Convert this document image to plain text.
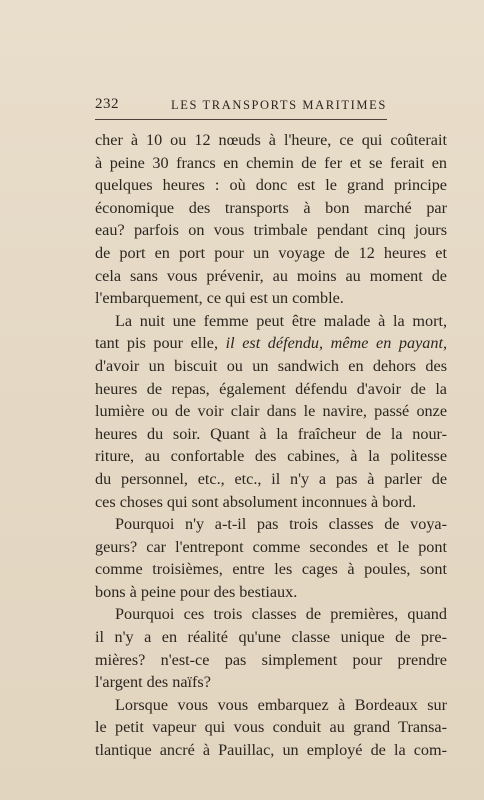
232	LES TRANSPORTS MARITIMES
cher à 10 ou 12 nœuds à l'heure, ce qui coûterait
à peine 30 francs en chemin de fer et se ferait en
quelques heures : où donc est le grand principe
économique des transports à bon marché par
eau? parfois on vous trimbale pendant cinq jours
de port en port pour un voyage de 12 heures et
cela sans vous prévenir, au moins au moment de
l'embarquement, ce qui est un comble.
La nuit une femme peut être malade à la mort,
tant pis pour elle, il est défendu, même en payant,
d'avoir un biscuit ou un sandwich en dehors des
heures de repas, également défendu d'avoir de la
lumière ou de voir clair dans le navire, passé onze
heures du soir. Quant à la fraîcheur de la nour-
riture, au confortable des cabines, à la politesse
du personnel, etc., etc., il n'y a pas à parler de
ces choses qui sont absolument inconnues à bord.
Pourquoi n'y a-t-il pas trois classes de voya-
geurs? car l'entrepont comme secondes et le pont
comme troisièmes, entre les cages à poules, sont
bons à peine pour des bestiaux.
Pourquoi ces trois classes de premières, quand
il n'y a en réalité qu'une classe unique de pre-
mières? n'est-ce pas simplement pour prendre
l'argent des naïfs?
Lorsque vous vous embarquez à Bordeaux sur
le petit vapeur qui vous conduit au grand Transa-
tlantique ancré à Pauillac, un employé de la com-
